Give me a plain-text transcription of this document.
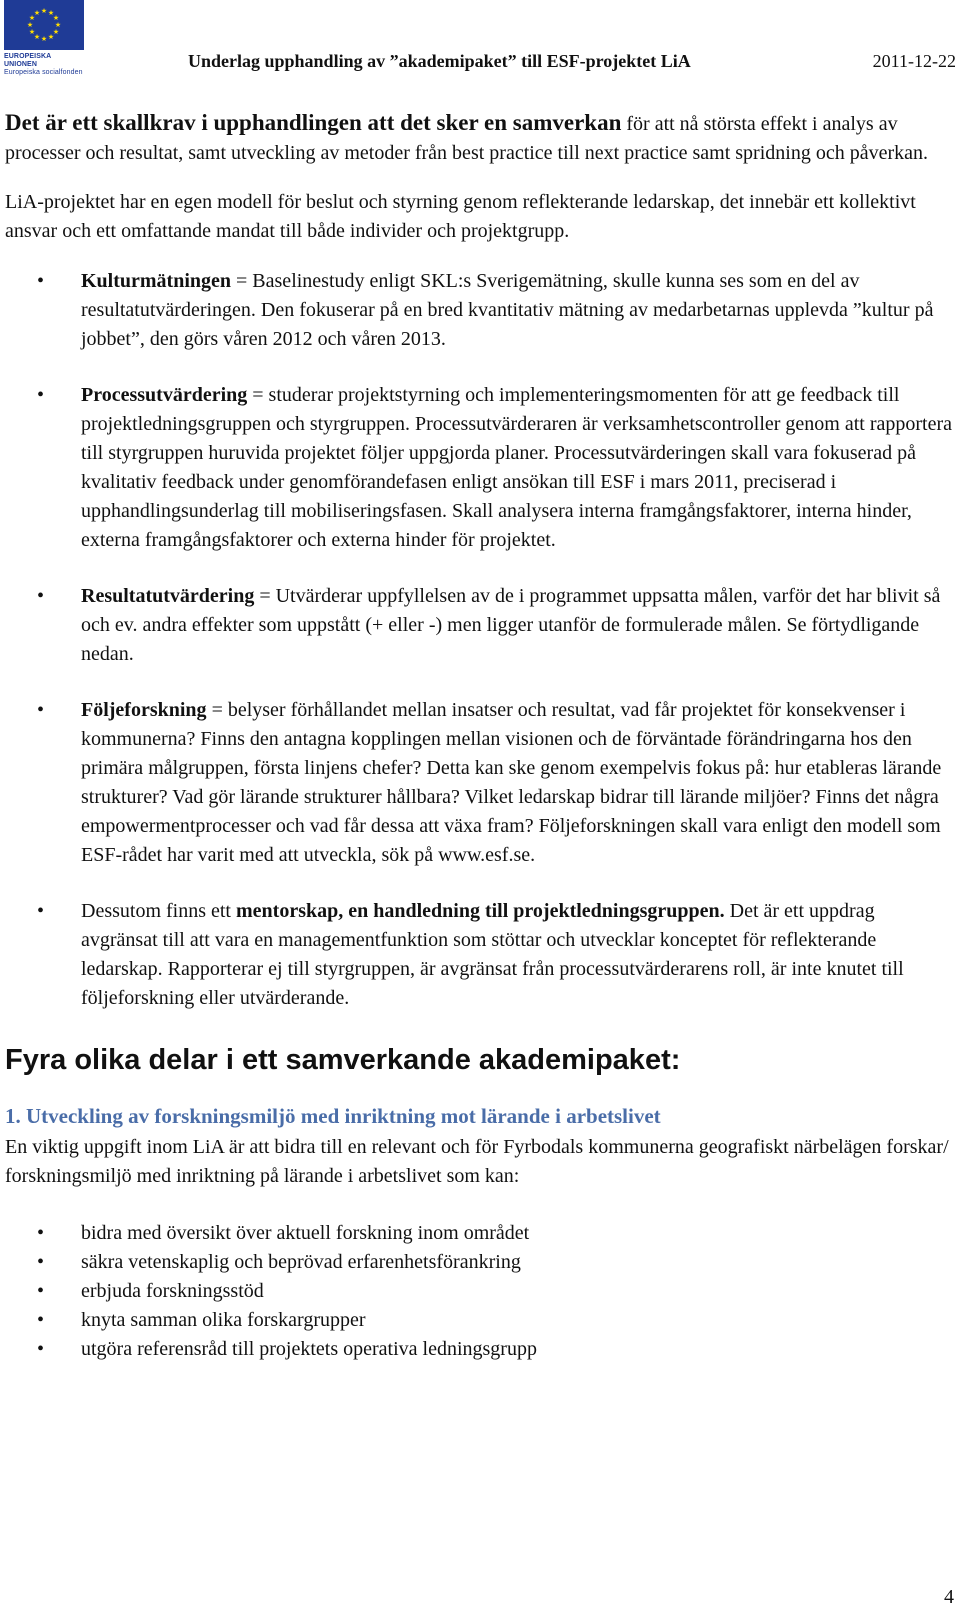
★ ★
★
★
★
★
★
★
★
★
★
★
EUROPEISKA UNIONEN
Europeiska socialfonden
Underlag upphandling av ”akademipaket” till ESF-projektet LiA	2011-12-22

Det är ett skallkrav i upphandlingen att det sker en samverkan för att nå största effekt i analys av processer och resultat, samt utveckling av metoder från best practice till next practice samt spridning och påverkan.

LiA-projektet har en egen modell för beslut och styrning genom reflekterande ledarskap, det innebär ett kollektivt ansvar och ett omfattande mandat till både individer och projektgrupp.

• Kulturmätningen = Baselinestudy enligt SKL:s Sverigemätning, skulle kunna ses som en del av resultatutvärderingen. Den fokuserar på en bred kvantitativ mätning av medarbetarnas upplevda ”kultur på jobbet”, den görs våren 2012 och våren 2013.
• Processutvärdering = studerar projektstyrning och implementeringsmomenten för att ge feedback till projektledningsgruppen och styrgruppen. Processutvärderaren är verksamhetscontroller genom att rapportera till styrgruppen huruvida projektet följer uppgjorda planer. Processutvärderingen skall vara fokuserad på kvalitativ feedback under genomförandefasen enligt ansökan till ESF i mars 2011, preciserad i upphandlingsunderlag till mobiliseringsfasen. Skall analysera interna framgångsfaktorer, interna hinder, externa framgångsfaktorer och externa hinder för projektet.
• Resultatutvärdering = Utvärderar uppfyllelsen av de i programmet uppsatta målen, varför det har blivit så och ev. andra effekter som uppstått (+ eller -) men ligger utanför de formulerade målen. Se förtydligande nedan.
• Följeforskning = belyser förhållandet mellan insatser och resultat, vad får projektet för konsekvenser i kommunerna? Finns den antagna kopplingen mellan visionen och de förväntade förändringarna hos den primära målgruppen, första linjens chefer? Detta kan ske genom exempelvis fokus på: hur etableras lärande strukturer? Vad gör lärande strukturer hållbara? Vilket ledarskap bidrar till lärande miljöer? Finns det några empowermentprocesser och vad får dessa att växa fram? Följeforskningen skall vara enligt den modell som ESF-rådet har varit med att utveckla, sök på www.esf.se.
• Dessutom finns ett mentorskap, en handledning till projektledningsgruppen. Det är ett uppdrag avgränsat till att vara en managementfunktion som stöttar och utvecklar konceptet för reflekterande ledarskap. Rapporterar ej till styrgruppen, är avgränsat från processutvärderarens roll, är inte knutet till följeforskning eller utvärderande.
Fyra olika delar i ett samverkande akademipaket:
1. Utveckling av forskningsmiljö med inriktning mot lärande i arbetslivet

En viktig uppgift inom LiA är att bidra till en relevant och för Fyrbodals kommunerna geografiskt närbelägen forskar/ forskningsmiljö med inriktning på lärande i arbetslivet som kan:

• bidra med översikt över aktuell forskning inom området
• säkra vetenskaplig och beprövad erfarenhetsförankring
• erbjuda forskningsstöd
• knyta samman olika forskargrupper
• utgöra referensråd till projektets operativa ledningsgrupp
4
